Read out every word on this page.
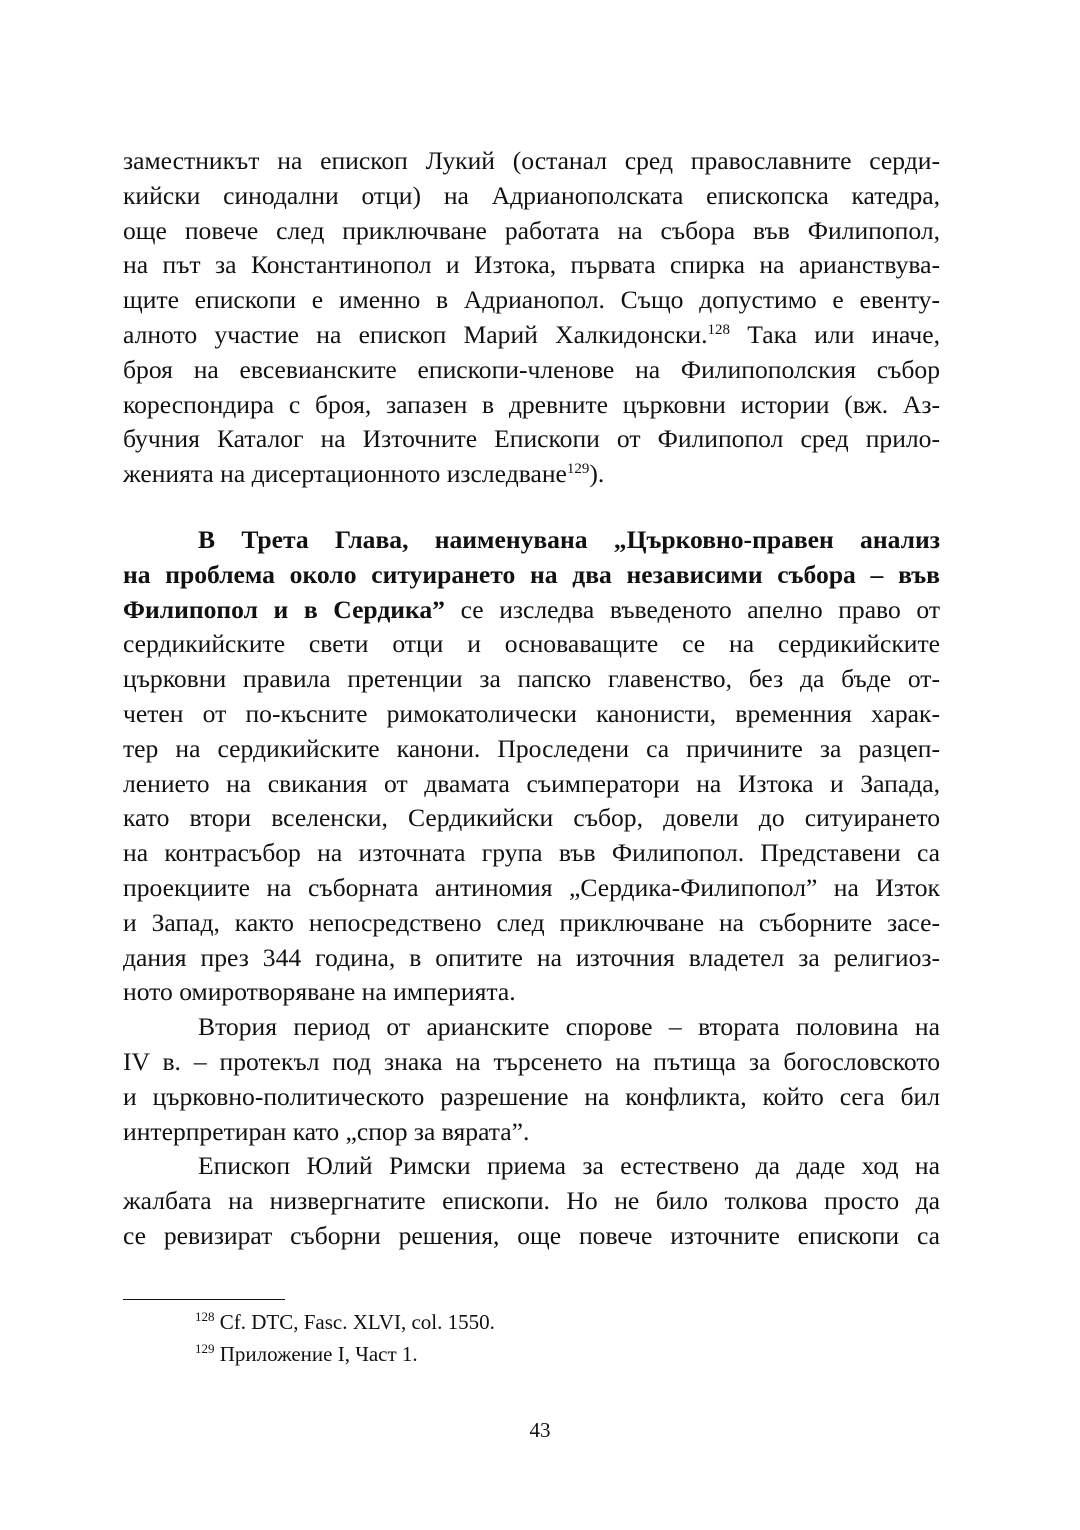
заместникът на епископ Лукий (останал сред православните серди-
кийски синодални отци) на Адрианополската епископска катедра,
още повече след приключване работата на събора във Филипопол,
на път за Константинопол и Изтока, първата спирка на арианствува-
щите епископи е именно в Адрианопол. Също допустимо е евенту-
алното участие на епископ Марий Халкидонски.$^{128}$ Така или иначе,
броя на евсевианските епископи-членове на Филипополския събор
кореспондира с броя, запазен в древните църковни истории (вж. Аз-
бучния Каталог на Източните Епископи от Филипопол сред прило-
женията на дисертационното изследване$^{129}$).
В Трета Глава, наименувана „Църковно-правен анализ
на проблема около ситуирането на два независими събора – във
Филипопол и в Сердика” се изследва въведеното апелно право от
сердикийските свети отци и основаващите се на сердикийските
църковни правила претенции за папско главенство, без да бъде от-
четен от по-късните римокатолически канонисти, временния харак-
тер на сердикийските канони. Проследени са причините за разцеп-
лението на свикания от двамата съимператори на Изтока и Запада,
като втори вселенски, Сердикийски събор, довели до ситуирането
на контрасъбор на източната група във Филипопол. Представени са
проекциите на съборната антиномия „Сердика-Филипопол” на Изток
и Запад, както непосредствено след приключване на съборните засе-
дания през 344 година, в опитите на източния владетел за религиоз-
ното омиротворяване на империята.
Втория период от арианските спорове – втората половина на
IV в. – протекъл под знака на търсенето на пътища за богословското
и църковно-политическото разрешение на конфликта, който сега бил
интерпретиран като „спор за вярата”.
Епископ Юлий Римски приема за естествено да даде ход на
жалбата на низвергнатите епископи. Но не било толкова просто да
се ревизират съборни решения, още повече източните епископи са
$^{128}$ Cf. DTC, Fasc. XLVI, col. 1550.
$^{129}$ Приложение I, Част 1.
43
